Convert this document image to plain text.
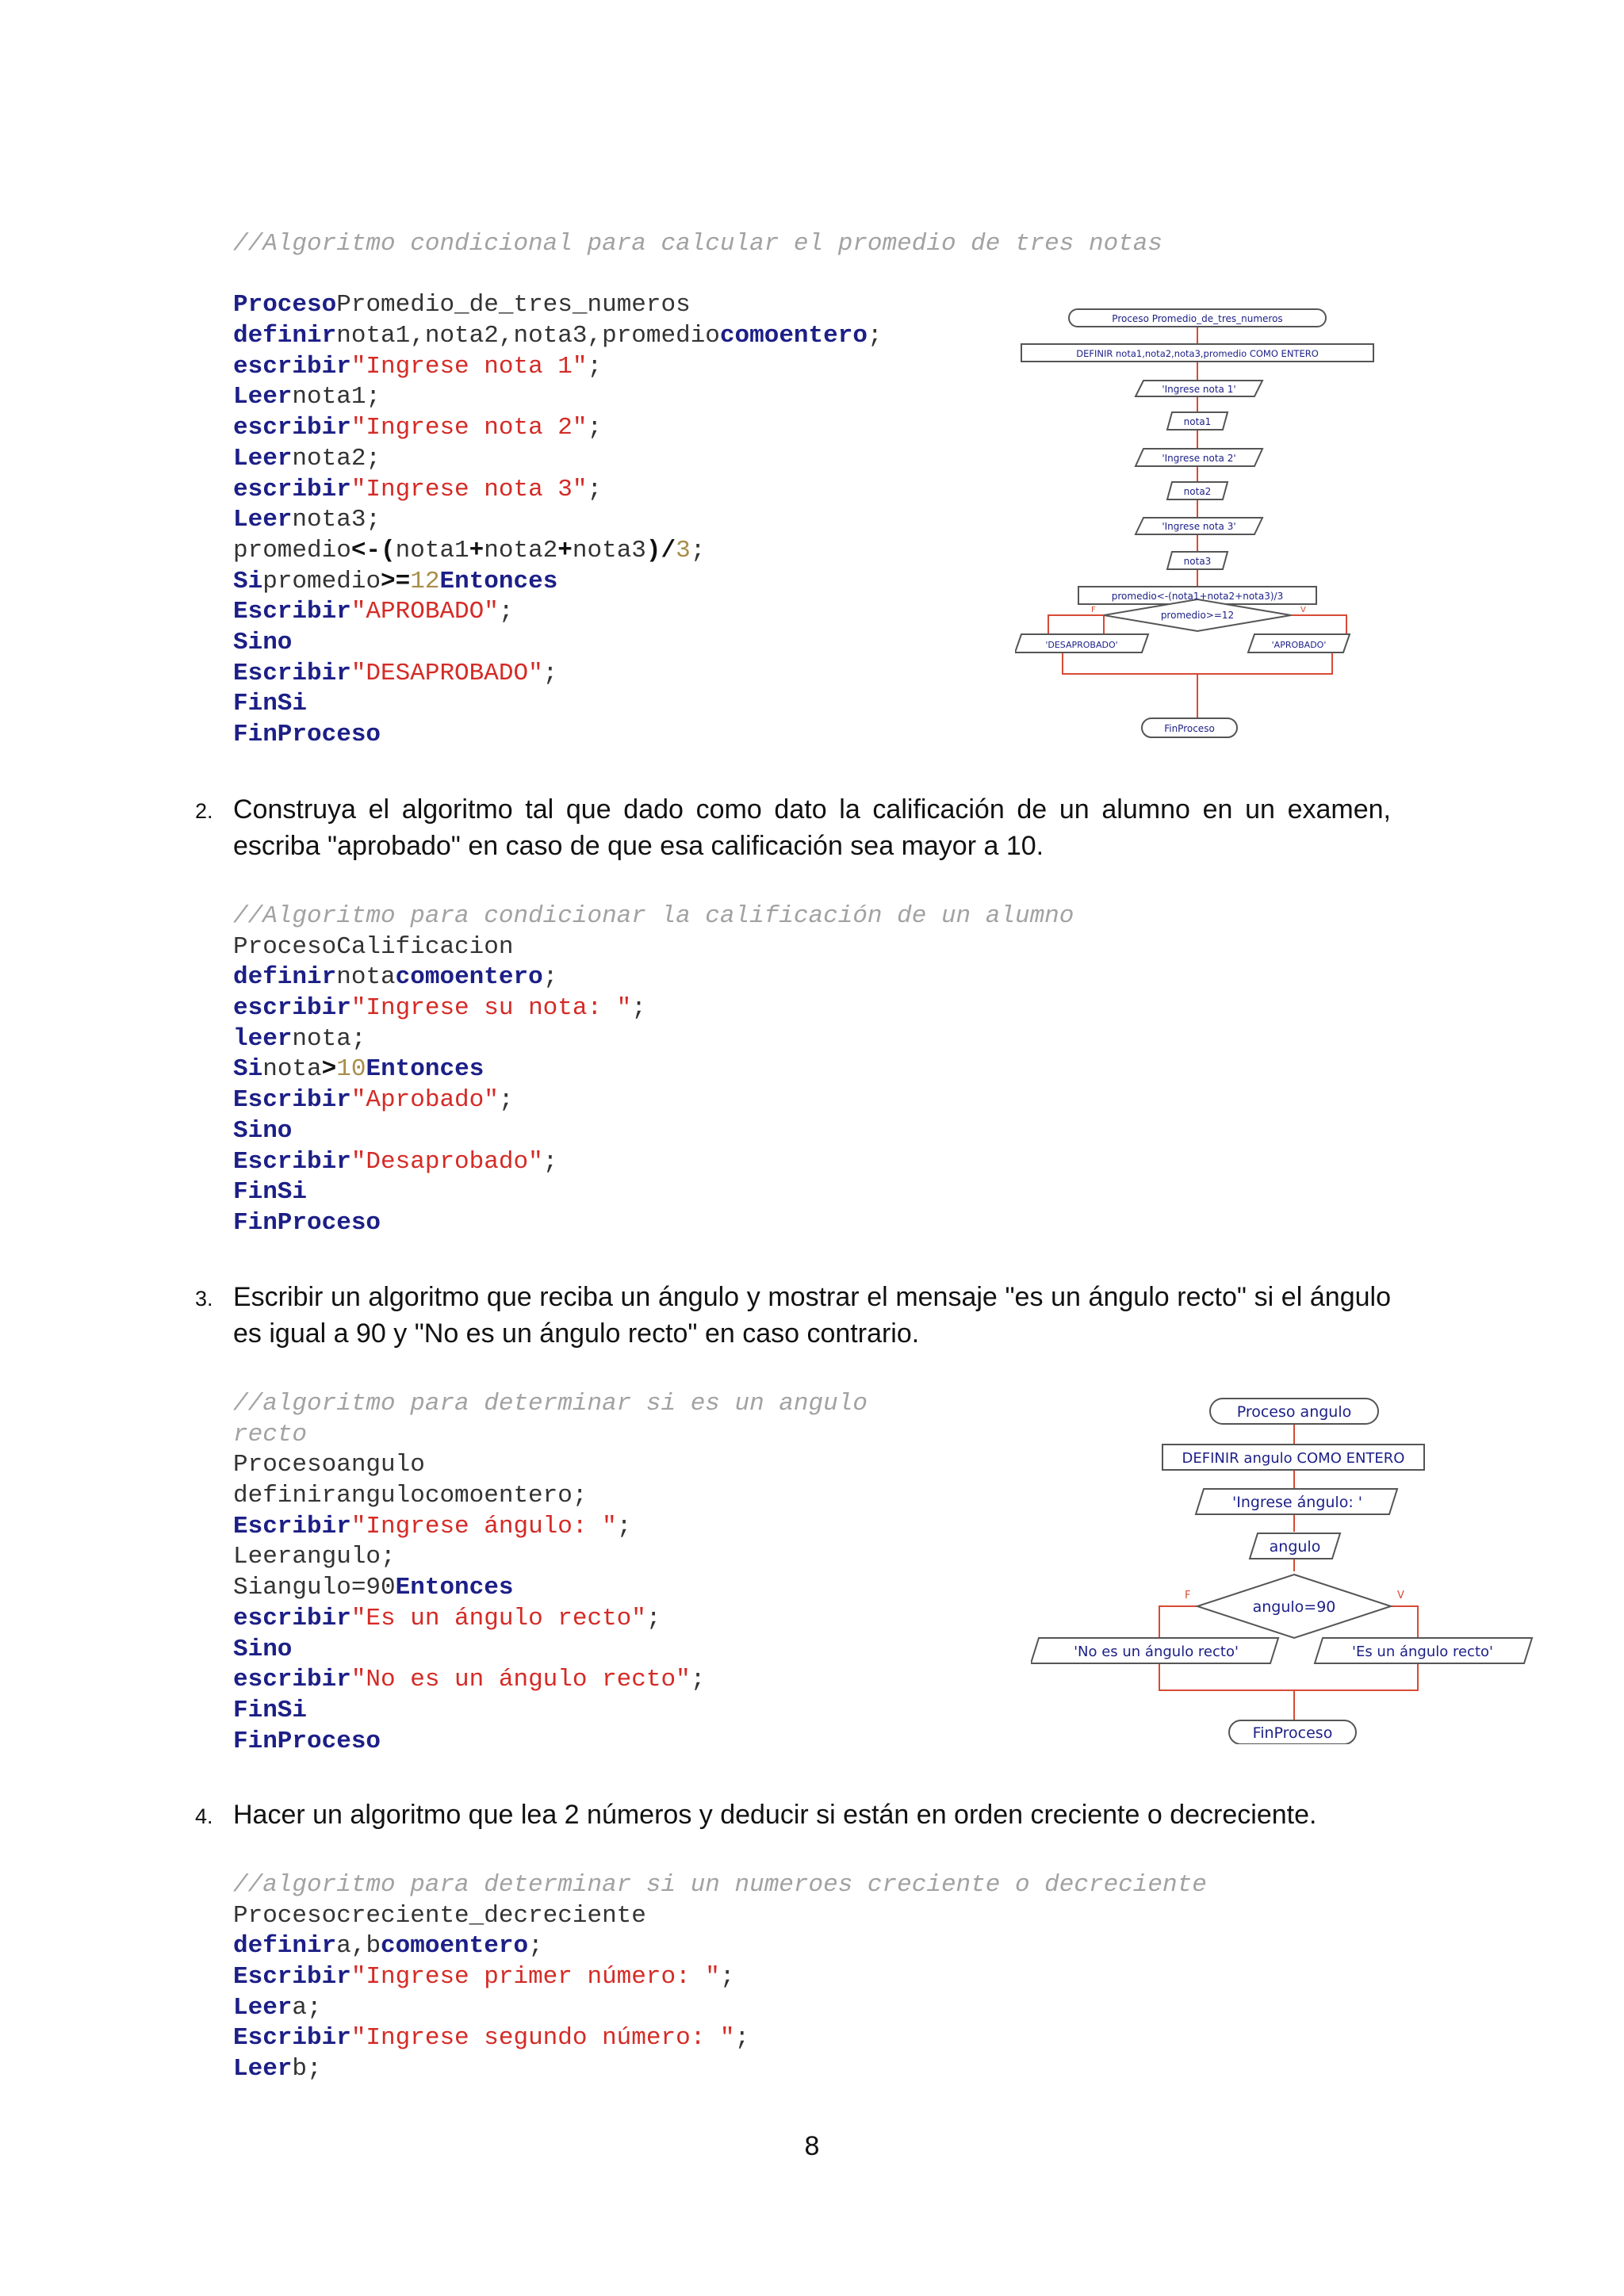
//Algoritmo condicional para calcular el promedio de tres notas
ProcesoPromedio_de_tres_numeros
definirnota1,nota2,nota3,promediocomoentero;
escribir"Ingrese nota 1";
Leernota1;
escribir"Ingrese nota 2";
Leernota2;
escribir"Ingrese nota 3";
Leernota3;
promedio<-(nota1+nota2+nota3)/3;
Sipromedio>=12Entonces
Escribir"APROBADO";
Sino
Escribir"DESAPROBADO";
FinSi
FinProceso
Proceso Promedio_de_tres_numeros
DEFINIR nota1,nota2,nota3,promedio COMO ENTERO
'Ingrese nota 1'
nota1
'Ingrese nota 2'
nota2
'Ingrese nota 3'
nota3
promedio<-(nota1+nota2+nota3)/3
promedio>=12
'DESAPROBADO'	'APROBADO'
FinProceso
F	V
2. Construya el algoritmo tal que dado como dato la calificación de un alumno en un examen, escriba "aprobado" en caso de que esa calificación sea mayor a 10.
//Algoritmo para condicionar la calificación de un alumno
ProcesoCalificacion
definirnotacomoentero;
escribir"Ingrese su nota: ";
leernota;
Sinota>10Entonces
Escribir"Aprobado";
Sino
Escribir"Desaprobado";
FinSi
FinProceso
3. Escribir un algoritmo que reciba un ángulo y mostrar el mensaje "es un ángulo recto" si el ángulo es igual a 90 y "No es un ángulo recto" en caso contrario.
//algoritmo para determinar si es un angulo
recto
Procesoangulo
definirangulocomoentero;
Escribir"Ingrese ángulo: ";
Leerangulo;
Siangulo=90Entonces
escribir"Es un ángulo recto";
Sino
escribir"No es un ángulo recto";
FinSi
FinProceso
Proceso angulo
DEFINIR angulo COMO ENTERO
'Ingrese ángulo: '
angulo
angulo=90
'No es un ángulo recto'	'Es un ángulo recto'
FinProceso
F	V
4. Hacer un algoritmo que lea 2 números y deducir si están en orden creciente o decreciente.
//algoritmo para determinar si un numeroes creciente o decreciente
Procesocreciente_decreciente
definira,bcomoentero;
Escribir"Ingrese primer número: ";
Leera;
Escribir"Ingrese segundo número: ";
Leerb;
8
